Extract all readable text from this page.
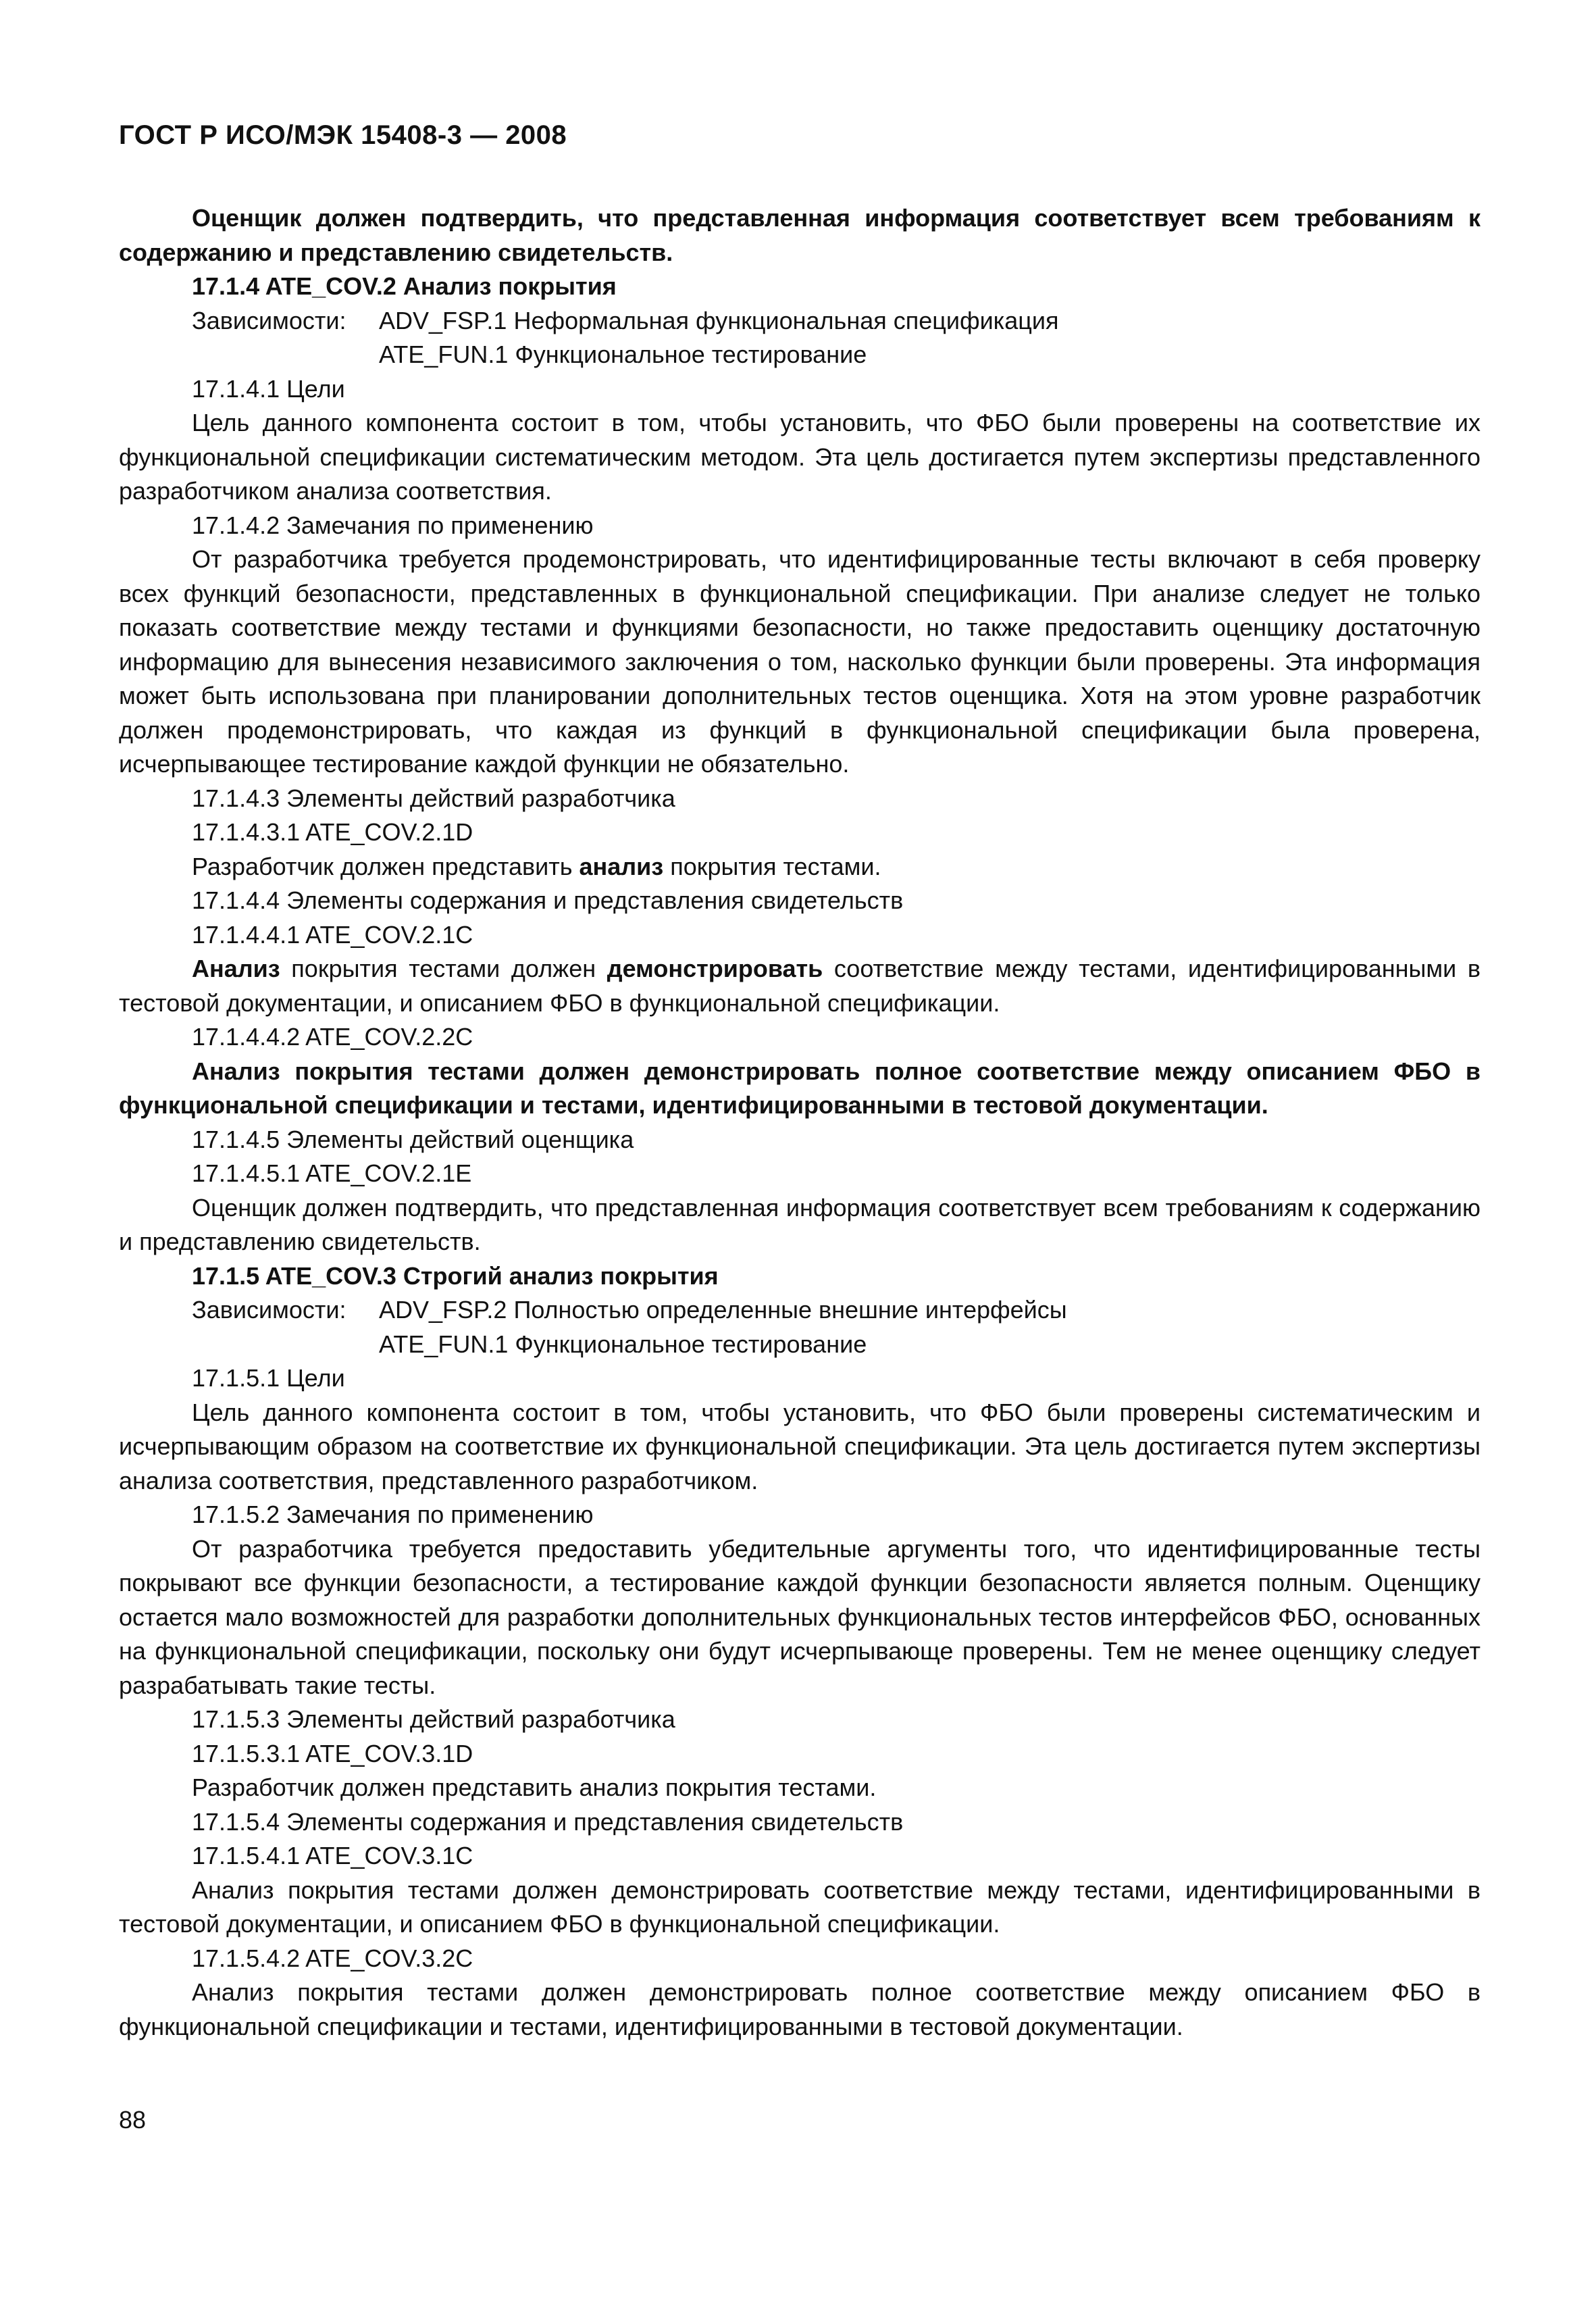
ГОСТ Р ИСО/МЭК 15408-3 — 2008

Оценщик должен подтвердить, что представленная информация соответствует всем требованиям к содержанию и представлению свидетельств.

17.1.4 ATE_COV.2 Анализ покрытия

Зависимости:	ADV_FSP.1 Неформальная функциональная спецификация
ATE_FUN.1 Функциональное тестирование

17.1.4.1 Цели

Цель данного компонента состоит в том, чтобы установить, что ФБО были проверены на соответствие их функциональной спецификации систематическим методом. Эта цель достигается путем экспертизы представленного разработчиком анализа соответствия.

17.1.4.2 Замечания по применению

От разработчика требуется продемонстрировать, что идентифицированные тесты включают в себя проверку всех функций безопасности, представленных в функциональной спецификации. При анализе следует не только показать соответствие между тестами и функциями безопасности, но также предоставить оценщику достаточную информацию для вынесения независимого заключения о том, насколько функции были проверены. Эта информация может быть использована при планировании дополнительных тестов оценщика. Хотя на этом уровне разработчик должен продемонстрировать, что каждая из функций в функциональной спецификации была проверена, исчерпывающее тестирование каждой функции не обязательно.

17.1.4.3 Элементы действий разработчика

17.1.4.3.1 ATE_COV.2.1D

Разработчик должен представить анализ покрытия тестами.

17.1.4.4 Элементы содержания и представления свидетельств

17.1.4.4.1 ATE_COV.2.1C

Анализ покрытия тестами должен демонстрировать соответствие между тестами, идентифицированными в тестовой документации, и описанием ФБО в функциональной спецификации.

17.1.4.4.2 ATE_COV.2.2C

Анализ покрытия тестами должен демонстрировать полное соответствие между описанием ФБО в функциональной спецификации и тестами, идентифицированными в тестовой документации.

17.1.4.5 Элементы действий оценщика

17.1.4.5.1 ATE_COV.2.1E

Оценщик должен подтвердить, что представленная информация соответствует всем требованиям к содержанию и представлению свидетельств.

17.1.5 ATE_COV.3 Строгий анализ покрытия

Зависимости:	ADV_FSP.2 Полностью определенные внешние интерфейсы
ATE_FUN.1 Функциональное тестирование

17.1.5.1 Цели

Цель данного компонента состоит в том, чтобы установить, что ФБО были проверены систематическим и исчерпывающим образом на соответствие их функциональной спецификации. Эта цель достигается путем экспертизы анализа соответствия, представленного разработчиком.

17.1.5.2 Замечания по применению

От разработчика требуется предоставить убедительные аргументы того, что идентифицированные тесты покрывают все функции безопасности, а тестирование каждой функции безопасности является полным. Оценщику остается мало возможностей для разработки дополнительных функциональных тестов интерфейсов ФБО, основанных на функциональной спецификации, поскольку они будут исчерпывающе проверены. Тем не менее оценщику следует разрабатывать такие тесты.

17.1.5.3 Элементы действий разработчика

17.1.5.3.1 ATE_COV.3.1D

Разработчик должен представить анализ покрытия тестами.

17.1.5.4 Элементы содержания и представления свидетельств

17.1.5.4.1 ATE_COV.3.1C

Анализ покрытия тестами должен демонстрировать соответствие между тестами, идентифицированными в тестовой документации, и описанием ФБО в функциональной спецификации.

17.1.5.4.2 ATE_COV.3.2C

Анализ покрытия тестами должен демонстрировать полное соответствие между описанием ФБО в функциональной спецификации и тестами, идентифицированными в тестовой документации.

88
